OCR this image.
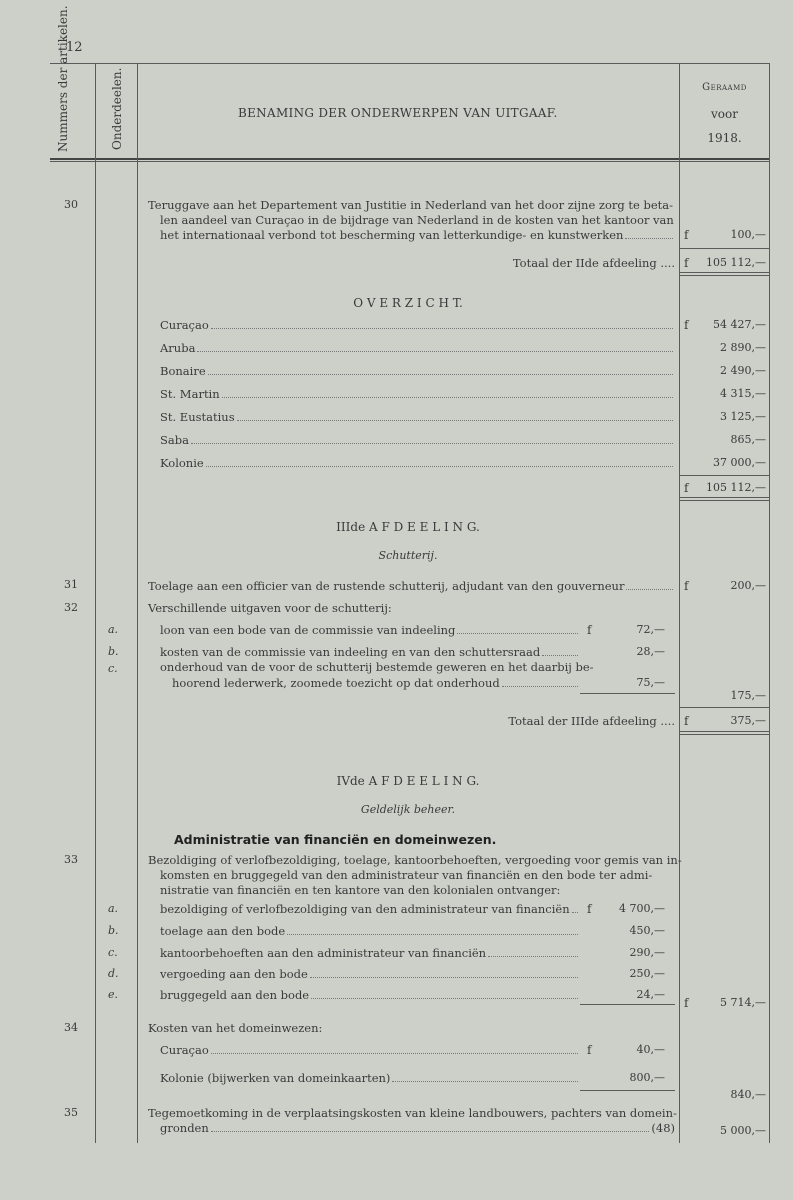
12
Nummers der artikelen.	Onderdeelen.	BENAMING DER ONDERWERPEN VAN UITGAAF.
Geraamd
voor
1918.
30	Teruggave aan het Departement van Justitie in Nederland van het door zijne zorg te beta-
len aandeel van Curaçao in de bijdrage van Nederland in de kosten van het kantoor van
het internationaal verbond tot bescherming van letterkundige- en kunstwerken	f	100,—
Totaal der IIde afdeeling .... f	105 112,—
O V E R Z I C H T.
Curaçao	f	54 427,—
Aruba	2 890,—
Bonaire	2 490,—
St. Martin	4 315,—
St. Eustatius	3 125,—
Saba	865,—
Kolonie	37 000,—
f	105 112,—
IIIde A F D E E L I N G.
Schutterij.
31	Toelage aan een officier van de rustende schutterij, adjudant van den gouverneur	f	200,—
32	Verschillende uitgaven voor de schutterij:
a.	loon van een bode van de commissie van indeeling	f	72,—
b.	kosten van de commissie van indeeling en van den schuttersraad	28,—
c.	onderhoud van de voor de schutterij bestemde geweren en het daarbij be-
hoorend lederwerk, zoomede toezicht op dat onderhoud	75,—
175,—
Totaal der IIIde afdeeling .... f	375,—
IVde A F D E E L I N G.
Geldelijk beheer.
Administratie van financiën en domeinwezen.
33	Bezoldiging of verlofbezoldiging, toelage, kantoorbehoeften, vergoeding voor gemis van in-
komsten en bruggegeld van den administrateur van financiën en den bode ter admi-
nistratie van financiën en ten kantore van den kolonialen ontvanger:
a.	bezoldiging of verlofbezoldiging van den administrateur van financiën f	4 700,—
b.	toelage aan den bode	450,—
c.	kantoorbehoeften aan den administrateur van financiën	290,—
d.	vergoeding aan den bode	250,—
e.	bruggegeld aan den bode	24,—
f	5 714,—
34	Kosten van het domeinwezen:
Curaçao	f	40,—
Kolonie (bijwerken van domeinkaarten)	800,—
840,—
35	Tegemoetkoming in de verplaatsingskosten van kleine landbouwers, pachters van domein-
gronden	(48)	5 000,—
